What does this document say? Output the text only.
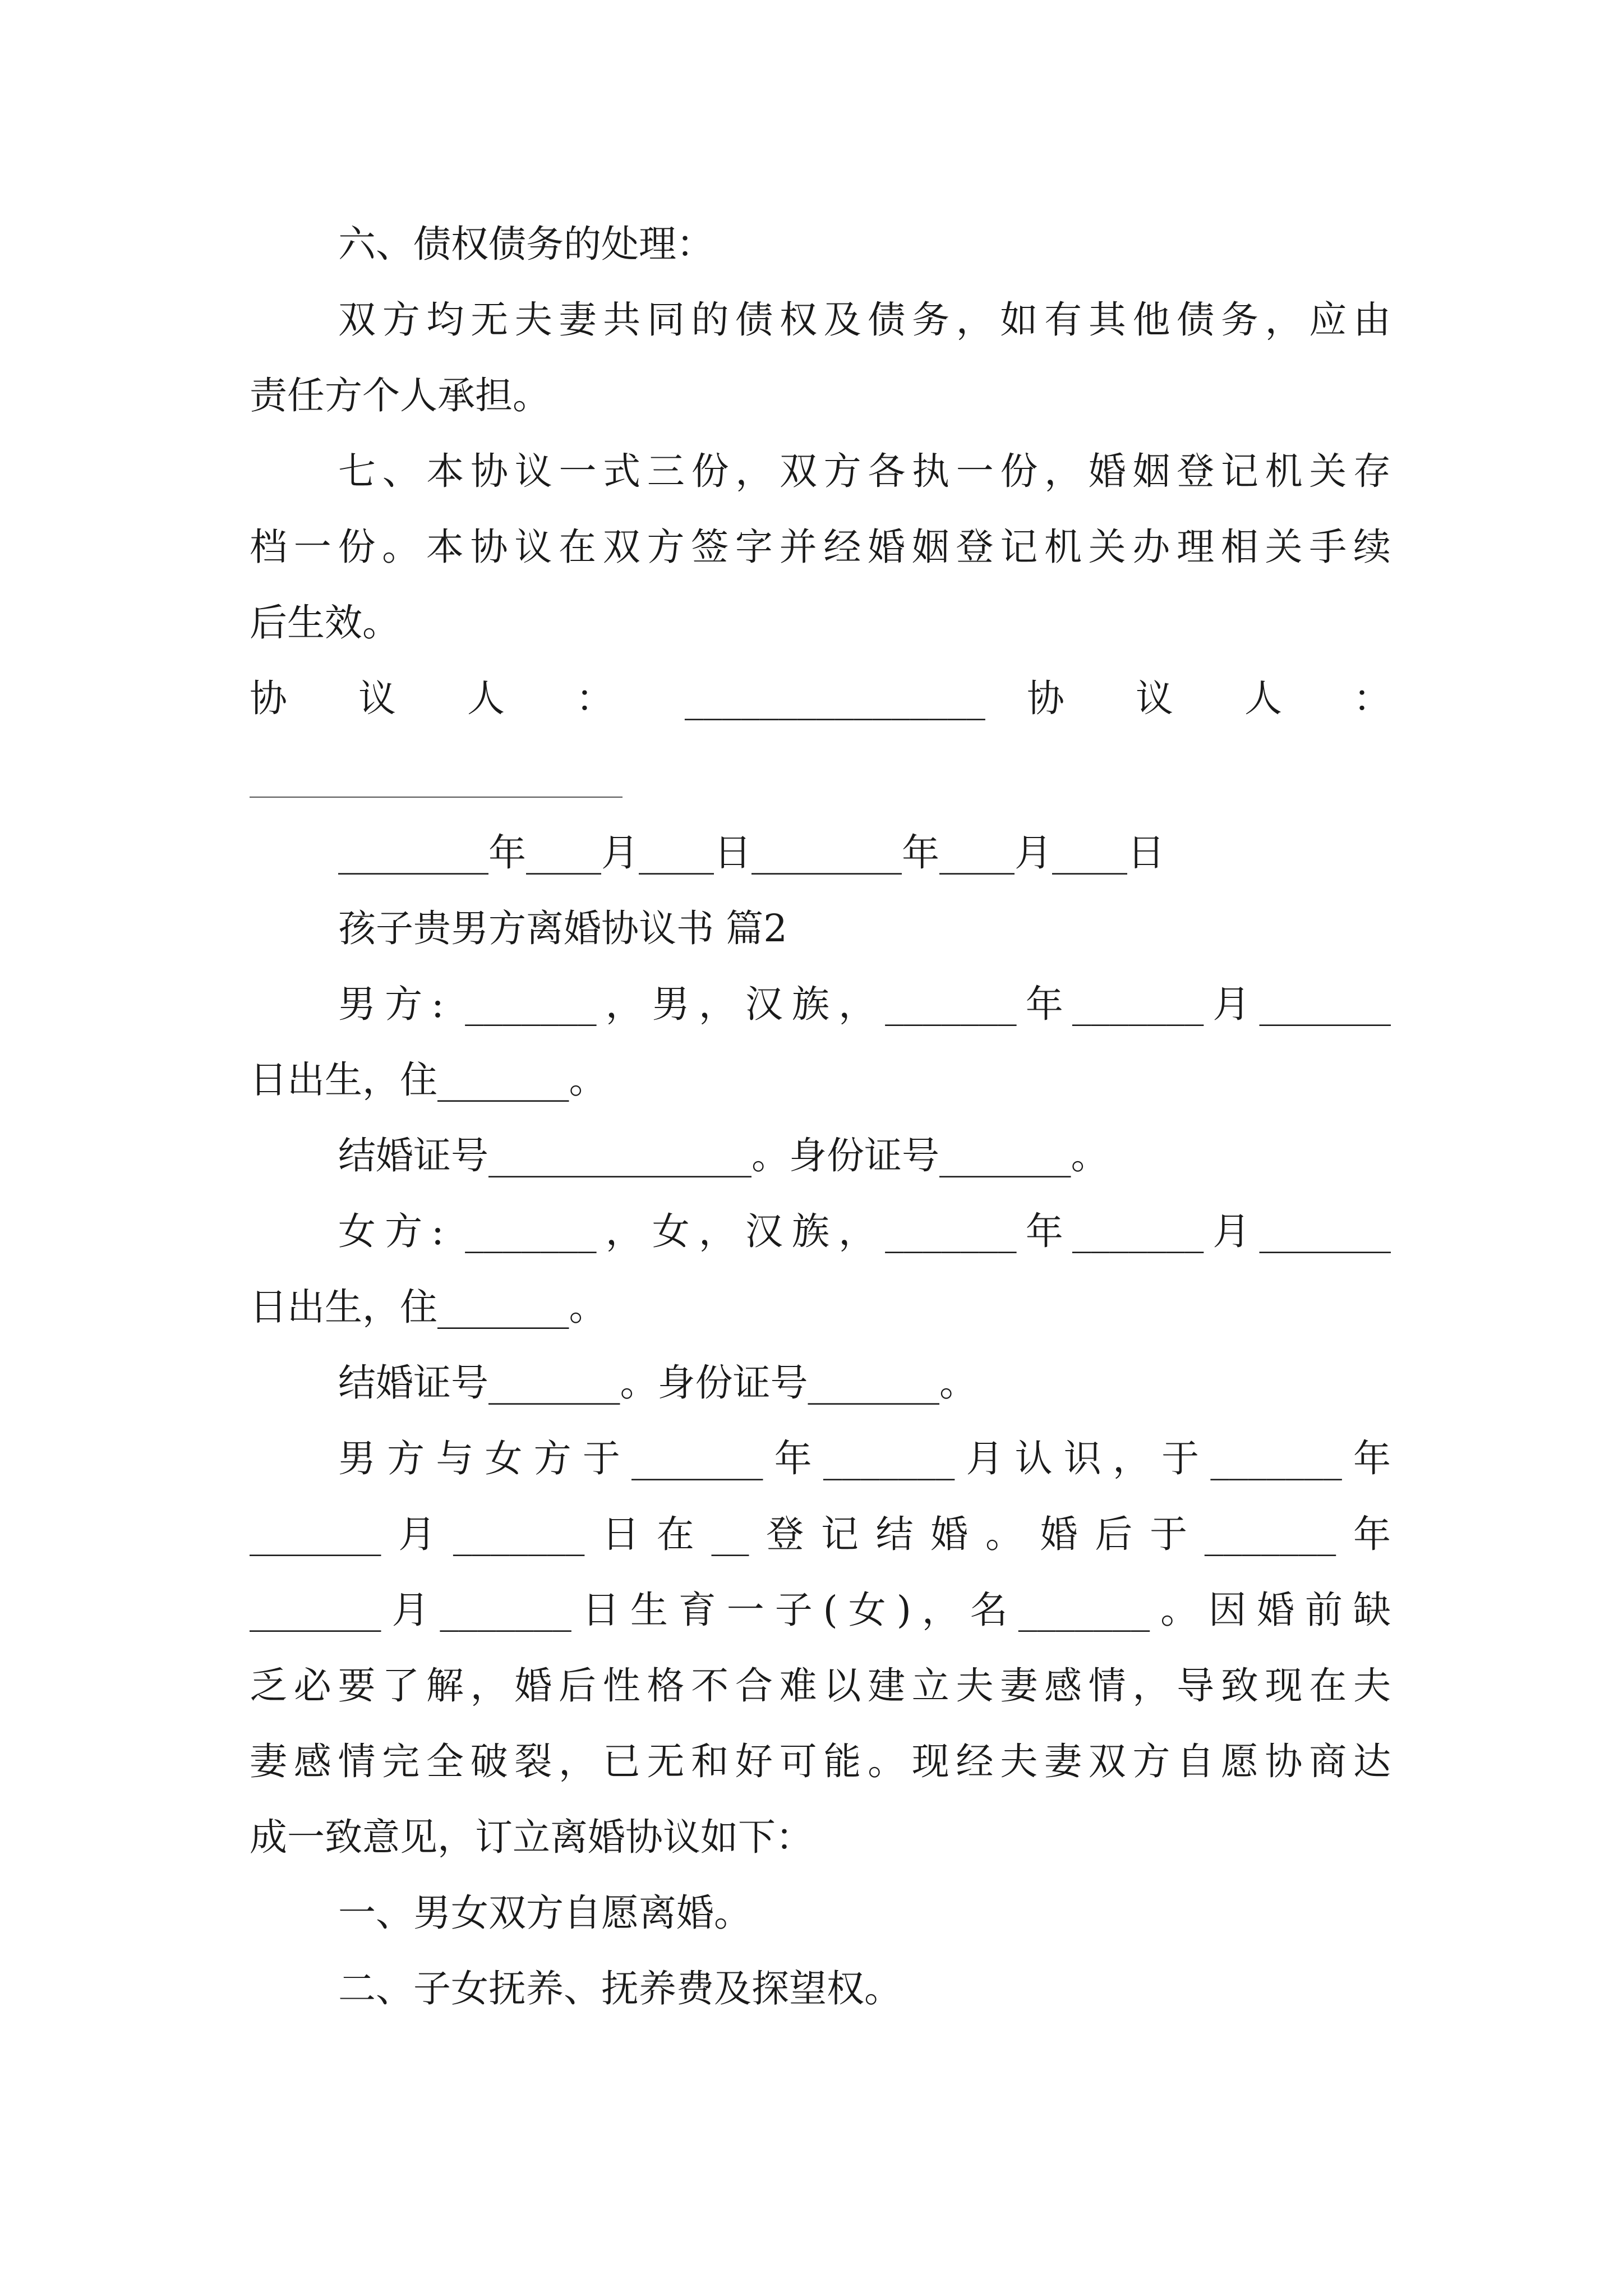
六、债权债务的处理：
双方均无夫妻共同的债权及债务，如有其他债务，应由
责任方个人承担。
七、本协议一式三份，双方各执一份，婚姻登记机关存
档一份。本协议在双方签字并经婚姻登记机关办理相关手续
后生效。
协 议 人 ： ________________ 协 议 人 ：
________年____月____日________年____月____日
孩子贵男方离婚协议书 篇2
男方: _______，男，汉族，_______年_______月_______
日出生，住_______。
结婚证号______________。身份证号_______。
女方: _______，女，汉族，_______年_______月_______
日出生，住_______。
结婚证号_______。身份证号_______。
男方与女方于_______年_______月认识，于_______年
_______月_______日在__登记结婚。婚后于_______年
_______月_______日生育一子(女)，名_______。因婚前缺
乏必要了解，婚后性格不合难以建立夫妻感情，导致现在夫
妻感情完全破裂，已无和好可能。现经夫妻双方自愿协商达
成一致意见，订立离婚协议如下：
一、男女双方自愿离婚。
二、子女抚养、抚养费及探望权。
